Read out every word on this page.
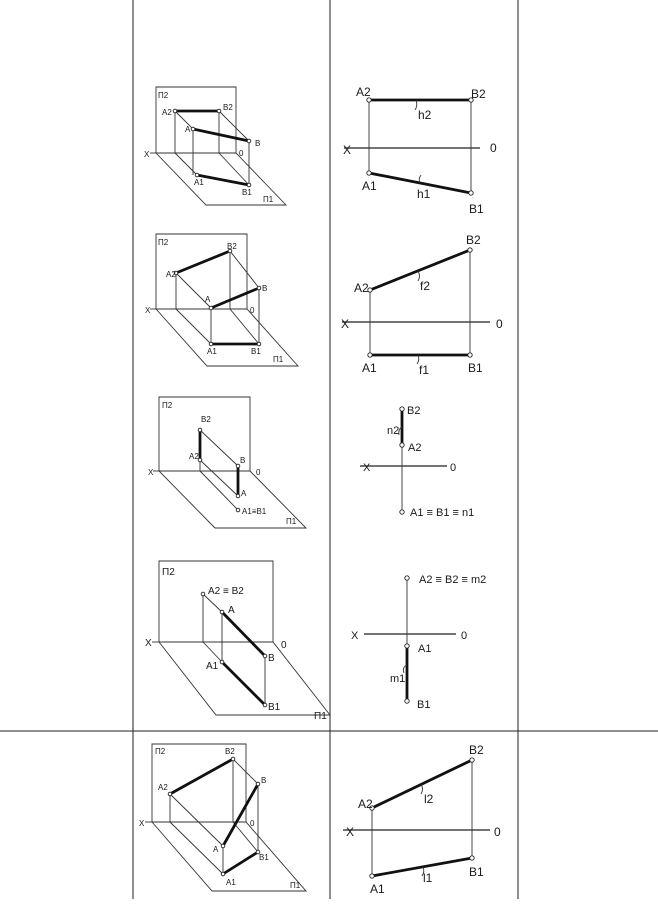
Π2
Π1
X	0
A2
B2
A
B
A1
B1
A2	B2
h2
X	0
A1
h1
B1
Π2
Π1
X	0
A2
B2
A
B
A1	B1
A2
B2
f2
X	0
A1	f1	B1
Π2
Π1
X	0
A2
B2
A
B
A1≡B1
B2
n2
A2
X	0
A1 ≡ B1 ≡ n1
Π2
Π1
X	0
A2 ≡ B2
A
B
A1
B1
A2 ≡ B2 ≡ m2
X	0
A1
m1
B1
Π2
Π1
X	0
A2
B2
A
B
A1
B1
A2
B2
l2
X	0
A1
l1	B1
